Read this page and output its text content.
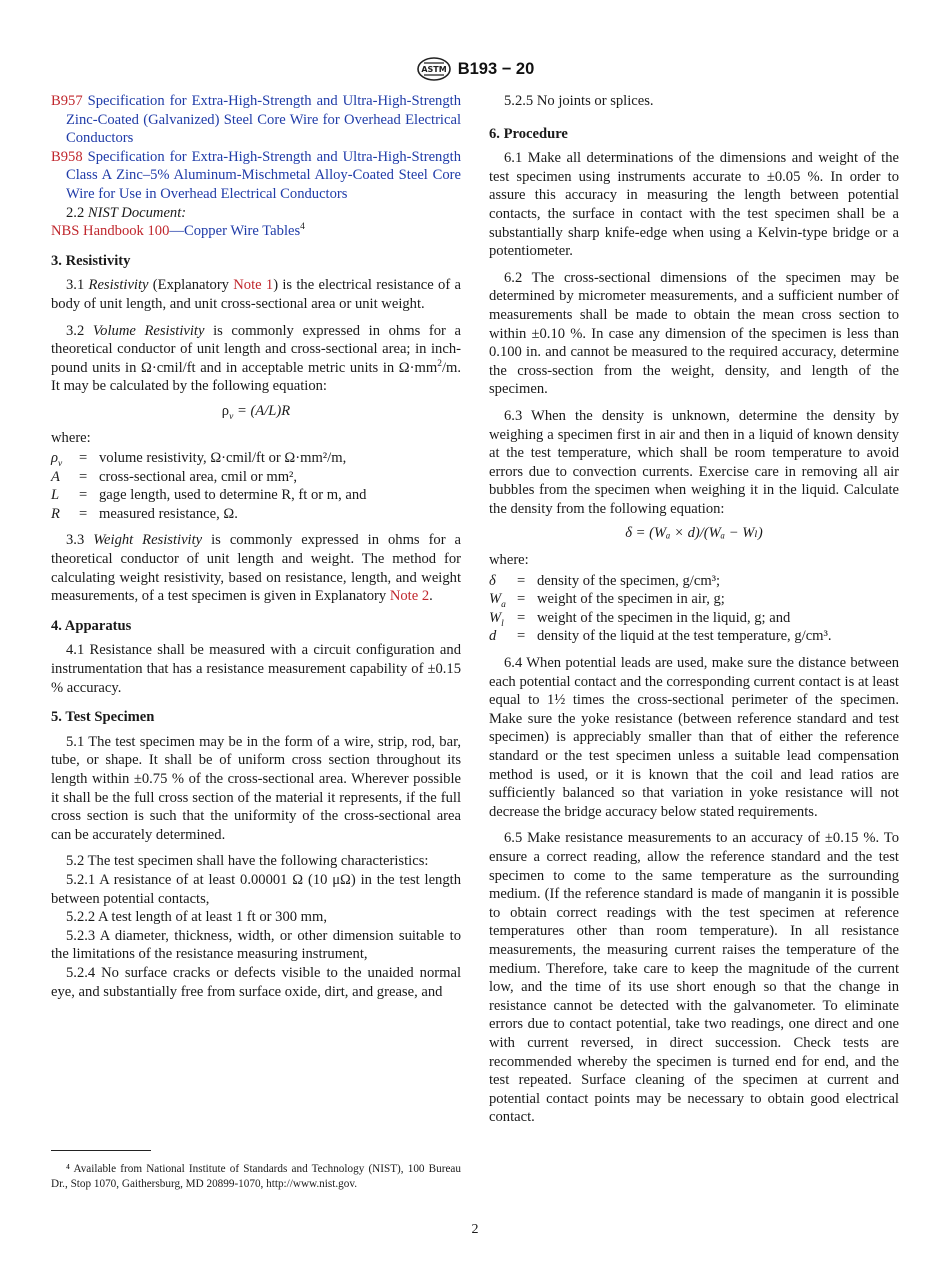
ASTM B193 − 20

B957 Specification for Extra-High-Strength and Ultra-High-Strength Zinc-Coated (Galvanized) Steel Core Wire for Overhead Electrical Conductors

B958 Specification for Extra-High-Strength and Ultra-High-Strength Class A Zinc–5% Aluminum-Mischmetal Alloy-Coated Steel Core Wire for Use in Overhead Electrical Conductors

2.2 NIST Document:

NBS Handbook 100—Copper Wire Tables$^4$

3. Resistivity

3.1 Resistivity (Explanatory Note 1) is the electrical resistance of a body of unit length, and unit cross-sectional area or unit weight.

3.2 Volume Resistivity is commonly expressed in ohms for a theoretical conductor of unit length and cross-sectional area; in inch-pound units in Ω·cmil/ft and in acceptable metric units in $\Omega\cdot mm^2/m$. It may be calculated by the following equation:

$\rho_v = (A/L)R$

where:

$\rho_v$	=	volume resistivity, Ω·cmil/ft or Ω·mm²/m,
A	=	cross-sectional area, cmil or mm²,
L	=	gage length, used to determine R, ft or m, and
R	=	measured resistance, Ω.

3.3 Weight Resistivity is commonly expressed in ohms for a theoretical conductor of unit length and weight. The method for calculating weight resistivity, based on resistance, length, and weight measurements, of a test specimen is given in Explanatory Note 2.

4. Apparatus

4.1 Resistance shall be measured with a circuit configuration and instrumentation that has a resistance measurement capability of ±0.15 % accuracy.

5. Test Specimen

5.1 The test specimen may be in the form of a wire, strip, rod, bar, tube, or shape. It shall be of uniform cross section throughout its length within ±0.75 % of the cross-sectional area. Wherever possible it shall be the full cross section of the material it represents, if the full cross section is such that the uniformity of the cross-sectional area can be accurately determined.

5.2 The test specimen shall have the following characteristics:

5.2.1 A resistance of at least 0.00001 Ω (10 μΩ) in the test length between potential contacts,

5.2.2 A test length of at least 1 ft or 300 mm,

5.2.3 A diameter, thickness, width, or other dimension suitable to the limitations of the resistance measuring instrument,

5.2.4 No surface cracks or defects visible to the unaided normal eye, and substantially free from surface oxide, dirt, and grease, and

⁴ Available from National Institute of Standards and Technology (NIST), 100 Bureau Dr., Stop 1070, Gaithersburg, MD 20899-1070, http://www.nist.gov.

5.2.5 No joints or splices.

6. Procedure

6.1 Make all determinations of the dimensions and weight of the test specimen using instruments accurate to ±0.05 %. In order to assure this accuracy in measuring the length between potential contacts, the surface in contact with the test specimen shall be a substantially sharp knife-edge when using a Kelvin-type bridge or a potentiometer.

6.2 The cross-sectional dimensions of the specimen may be determined by micrometer measurements, and a sufficient number of measurements shall be made to obtain the mean cross section to within ±0.10 %. In case any dimension of the specimen is less than 0.100 in. and cannot be measured to the required accuracy, determine the cross-section from the weight, density, and length of the specimen.

6.3 When the density is unknown, determine the density by weighing a specimen first in air and then in a liquid of known density at the test temperature, which shall be room temperature to avoid errors due to convection currents. Exercise care in removing all air bubbles from the specimen when weighing it in the liquid. Calculate the density from the following equation:

δ = (Wₐ × d)/(Wₐ − Wₗ)

where:

δ	=	density of the specimen, g/cm³;
$W_a$	=	weight of the specimen in air, g;
$W_l$	=	weight of the specimen in the liquid, g; and
d	=	density of the liquid at the test temperature, g/cm³.

6.4 When potential leads are used, make sure the distance between each potential contact and the corresponding current contact is at least equal to 1½ times the cross-sectional perimeter of the specimen. Make sure the yoke resistance (between reference standard and test specimen) is appreciably smaller than that of either the reference standard or the test specimen unless a suitable lead compensation method is used, or it is known that the coil and lead ratios are sufficiently balanced so that variation in yoke resistance will not decrease the bridge accuracy below stated requirements.

6.5 Make resistance measurements to an accuracy of ±0.15 %. To ensure a correct reading, allow the reference standard and the test specimen to come to the same temperature as the surrounding medium. (If the reference standard is made of manganin it is possible to obtain correct readings with the test specimen at reference temperatures other than room temperature). In all resistance measurements, the measuring current raises the temperature of the medium. Therefore, take care to keep the magnitude of the current low, and the time of its use short enough so that the change in resistance cannot be detected with the galvanometer. To eliminate errors due to contact potential, take two readings, one direct and one with current reversed, in direct succession. Check tests are recommended whereby the specimen is turned end for end, and the test repeated. Surface cleaning of the specimen at current and potential contact points may be necessary to obtain good electrical contact.

2
